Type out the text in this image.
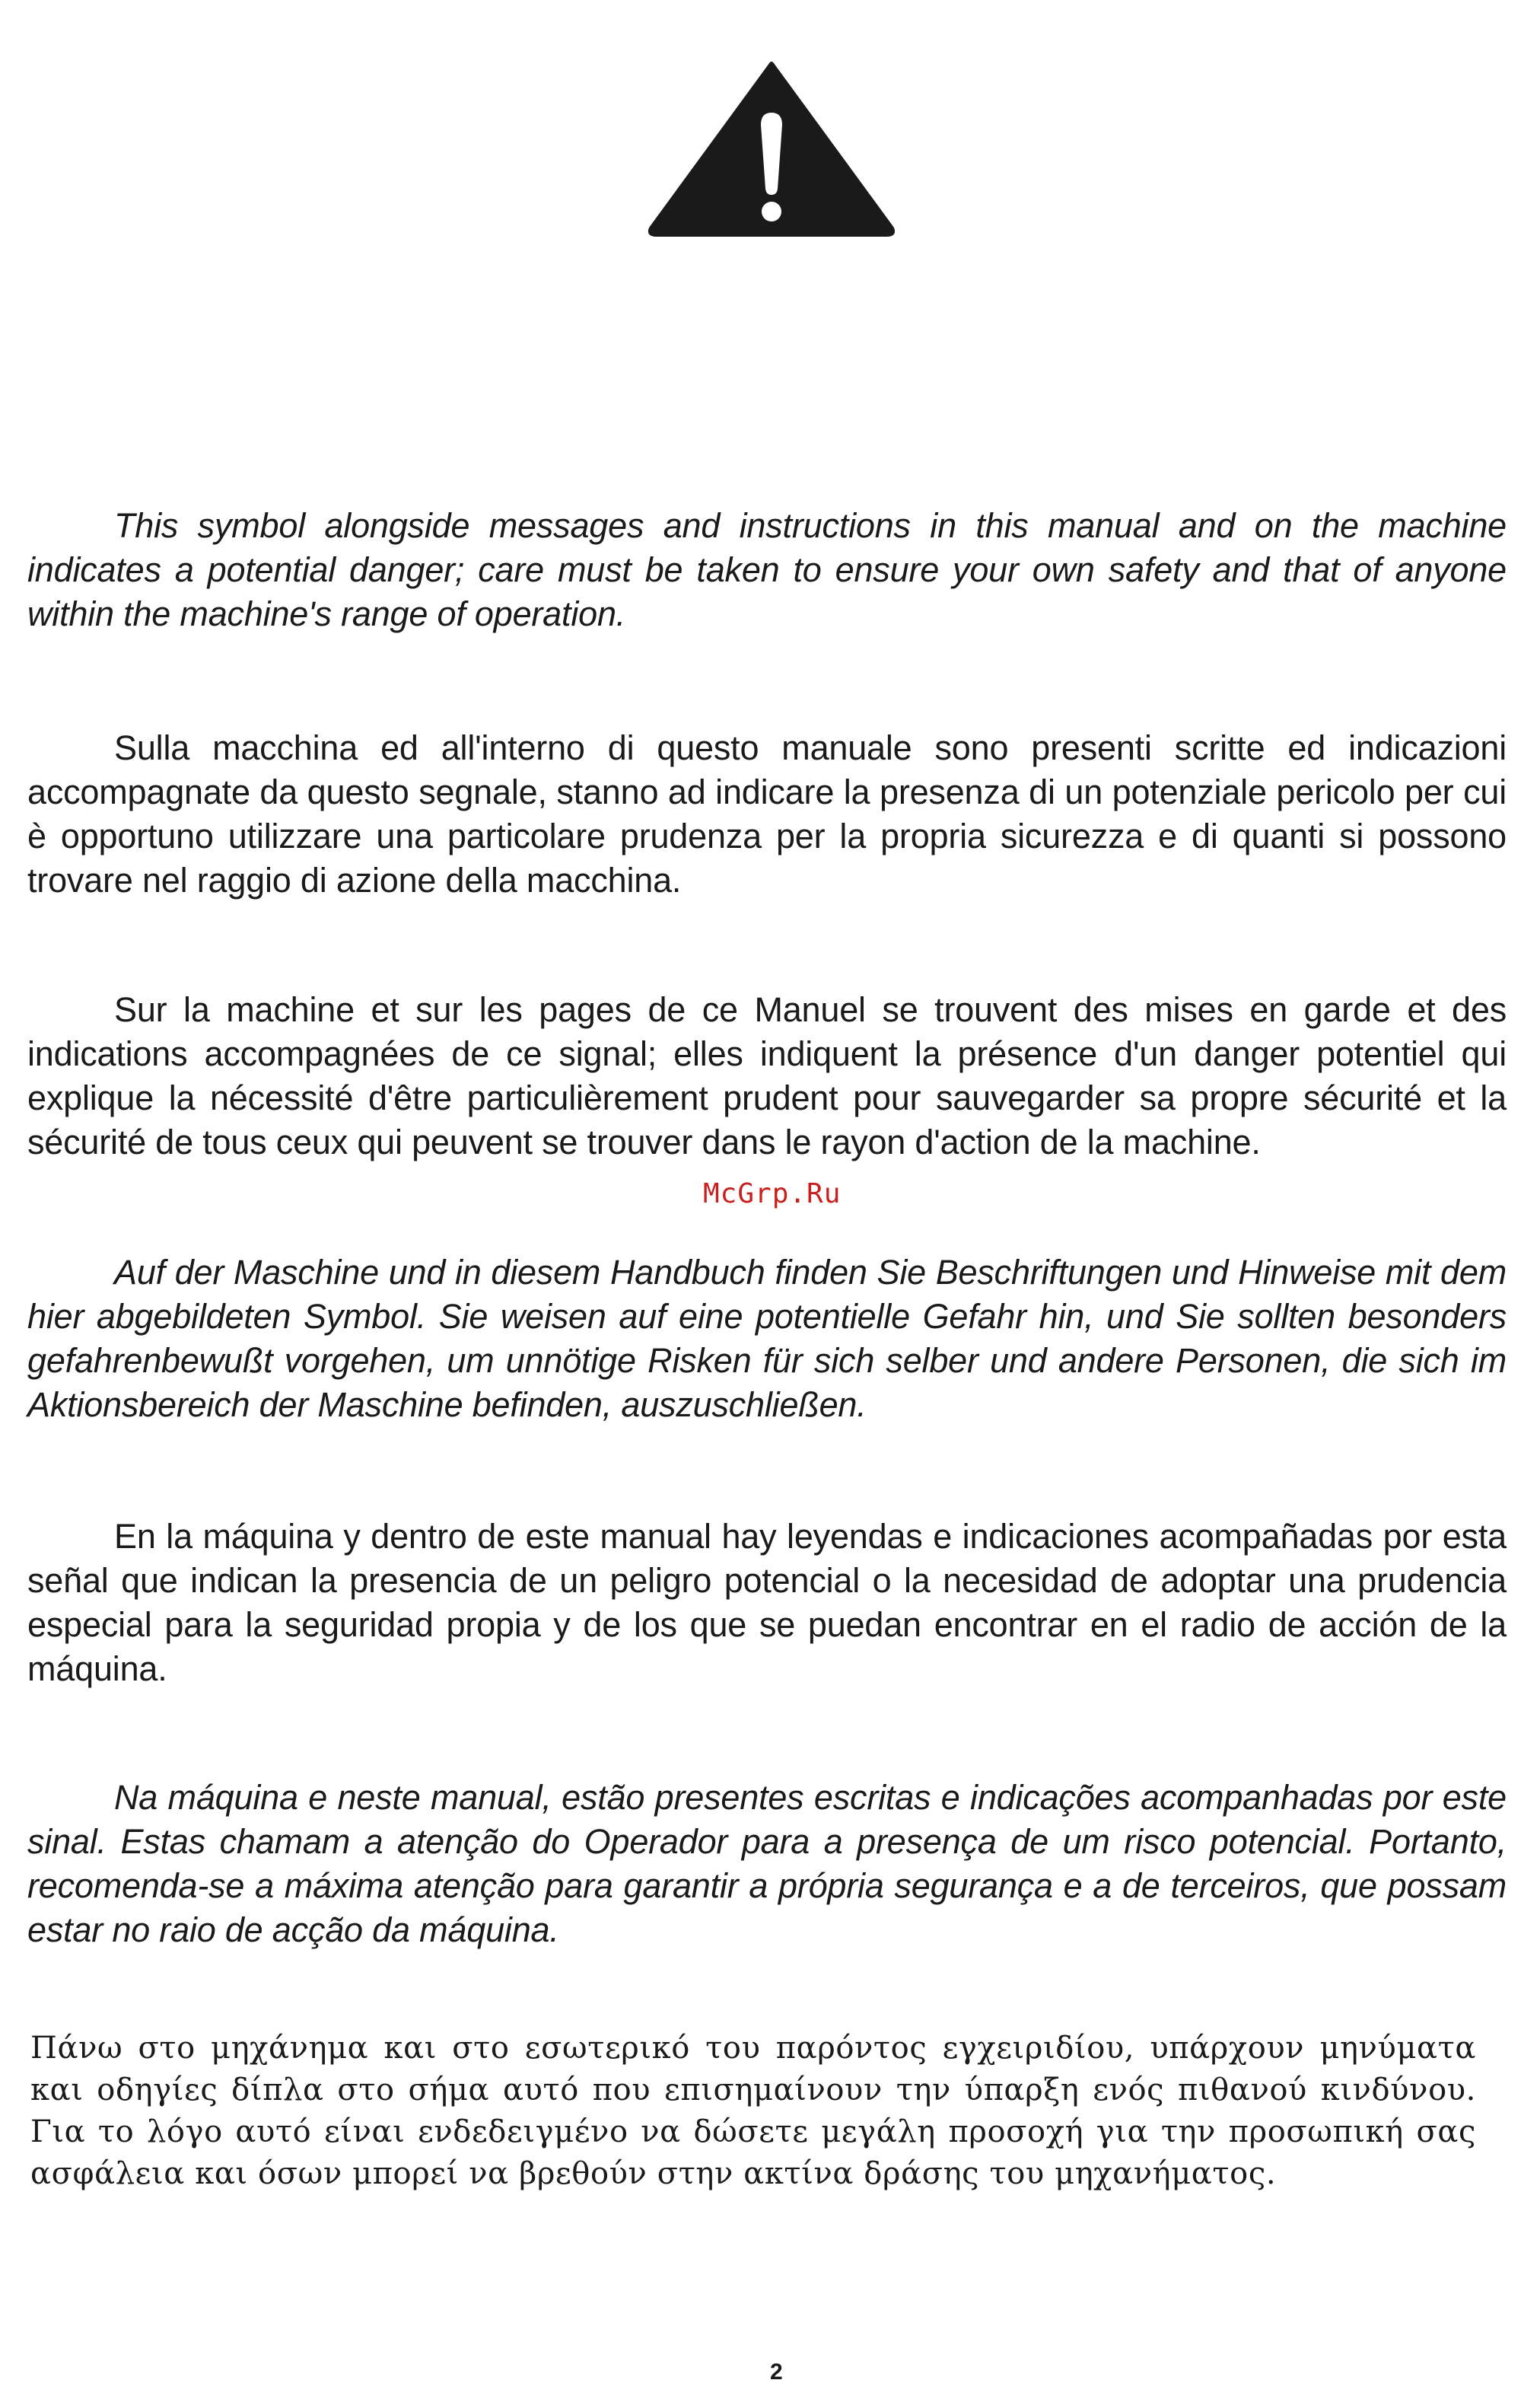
This symbol alongside messages and instructions in this manual and on the machine indicates a potential danger; care must be taken to ensure your own safety and that of anyone within the machine's range of operation.

Sulla macchina ed all'interno di questo manuale sono presenti scritte ed indicazioni accompagnate da questo segnale, stanno ad indicare la presenza di un potenziale pericolo per cui è opportuno utilizzare una particolare prudenza per la propria sicurezza e di quanti si possono trovare nel raggio di azione della macchina.

Sur la machine et sur les pages de ce Manuel se trouvent des mises en garde et des indications accompagnées de ce signal; elles indiquent la présence d'un danger potentiel qui explique la nécessité d'être particulièrement prudent pour sauvegarder sa propre sécurité et la sécurité de tous ceux qui peuvent se trouver dans le rayon d'action de la machine.

McGrp.Ru

Auf der Maschine und in diesem Handbuch finden Sie Beschriftungen und Hinweise mit dem hier abgebildeten Symbol. Sie weisen auf eine potentielle Gefahr hin, und Sie sollten besonders gefahrenbewußt vorgehen, um unnötige Risken für sich selber und andere Personen, die sich im Aktionsbereich der Maschine befinden, auszuschließen.

En la máquina y dentro de este manual hay leyendas e indicaciones acompañadas por esta señal que indican la presencia de un peligro potencial o la necesidad de adoptar una prudencia especial para la seguridad propia y de los que se puedan encontrar en el radio de acción de la máquina.

Na máquina e neste manual, estão presentes escritas e indicações acompanhadas por este sinal. Estas chamam a atenção do Operador para a presença de um risco potencial. Portanto, recomenda-se a máxima atenção para garantir a própria segurança e a de terceiros, que possam estar no raio de acção da máquina.

Πάνω στο μηχάνημα και στο εσωτερικό του παρόντος εγχειριδίου, υπάρχουν μηνύματα και οδηγίες δίπλα στο σήμα αυτό που επισημαίνουν την ύπαρξη ενός πιθανού κινδύνου. Για το λόγο αυτό είναι ενδεδειγμένο να δώσετε μεγάλη προσοχή για την προσωπική σας ασφάλεια και όσων μπορεί να βρεθούν στην ακτίνα δράσης του μηχανήματος.

2
